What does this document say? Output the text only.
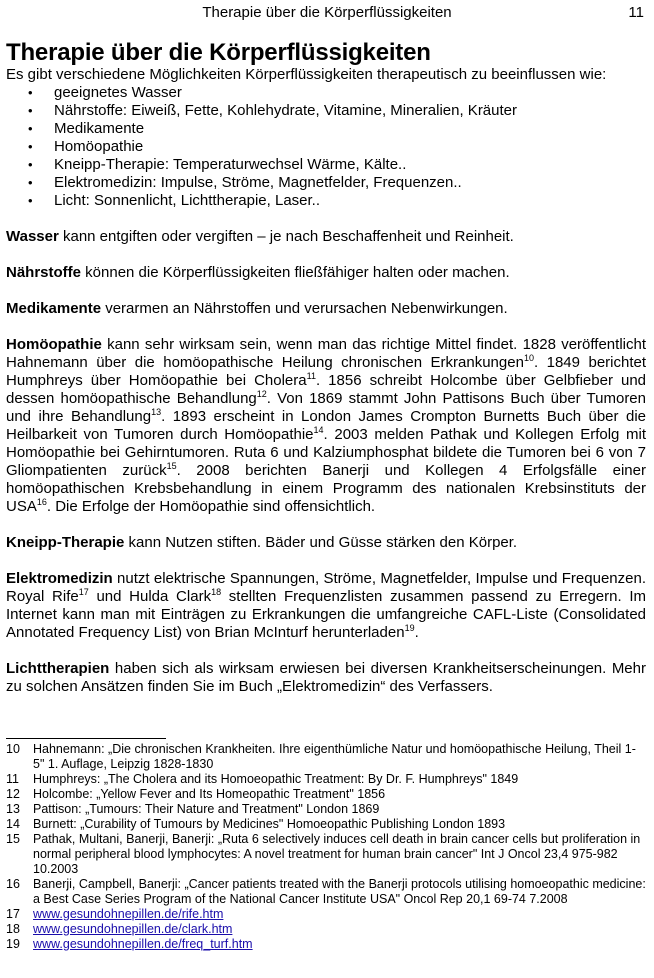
Therapie über die Körperflüssigkeiten	11
Therapie über die Körperflüssigkeiten

Es gibt verschiedene Möglichkeiten Körperflüssigkeiten therapeutisch zu beeinflussen wie:

• geeignetes Wasser
• Nährstoffe: Eiweiß, Fette, Kohlehydrate, Vitamine, Mineralien, Kräuter
• Medikamente
• Homöopathie
• Kneipp-Therapie: Temperaturwechsel Wärme, Kälte..
• Elektromedizin: Impulse, Ströme, Magnetfelder, Frequenzen..
• Licht: Sonnenlicht, Lichttherapie, Laser..

Wasser kann entgiften oder vergiften – je nach Beschaffenheit und Reinheit.

Nährstoffe können die Körperflüssigkeiten fließfähiger halten oder machen.

Medikamente verarmen an Nährstoffen und verursachen Nebenwirkungen.

Homöopathie kann sehr wirksam sein, wenn man das richtige Mittel findet. 1828 veröffentlicht Hahnemann über die homöopathische Heilung chronischen Erkrankungen$^{10}$. 1849 berichtet Humphreys über Homöopathie bei Cholera$^{11}$. 1856 schreibt Holcombe über Gelbfieber und dessen homöopathische Behandlung$^{12}$. Von 1869 stammt John Pattisons Buch über Tumoren und ihre Behandlung$^{13}$. 1893 erscheint in London James Crompton Burnetts Buch über die Heilbarkeit von Tumoren durch Homöopathie$^{14}$. 2003 melden Pathak und Kollegen Erfolg mit Homöopathie bei Gehirntumoren. Ruta 6 und Kalziumphosphat bildete die Tumoren bei 6 von 7 Gliompatienten zurück$^{15}$. 2008 berichten Banerji und Kollegen 4 Erfolgsfälle einer homöopathischen Krebsbehandlung in einem Programm des nationalen Krebsinstituts der USA$^{16}$. Die Erfolge der Homöopathie sind offensichtlich.

Kneipp-Therapie kann Nutzen stiften. Bäder und Güsse stärken den Körper.

Elektromedizin nutzt elektrische Spannungen, Ströme, Magnetfelder, Impulse und Frequenzen. Royal Rife$^{17}$ und Hulda Clark$^{18}$ stellten Frequenzlisten zusammen passend zu Erregern. Im Internet kann man mit Einträgen zu Erkrankungen die umfangreiche CAFL-Liste (Consolidated Annotated Frequency List) von Brian McInturf herunterladen$^{19}$.

Lichttherapien haben sich als wirksam erwiesen bei diversen Krankheitserscheinungen. Mehr zu solchen Ansätzen finden Sie im Buch „Elektromedizin“ des Verfassers.

10 Hahnemann: „Die chronischen Krankheiten. Ihre eigenthümliche Natur und homöopathische Heilung, Theil 1-5" 1. Auflage, Leipzig 1828-1830
11 Humphreys: „The Cholera and its Homoeopathic Treatment: By Dr. F. Humphreys" 1849
12 Holcombe: „Yellow Fever and Its Homeopathic Treatment" 1856
13 Pattison: „Tumours: Their Nature and Treatment" London 1869
14 Burnett: „Curability of Tumours by Medicines" Homoeopathic Publishing London 1893
15 Pathak, Multani, Banerji, Banerji: „Ruta 6 selectively induces cell death in brain cancer cells but proliferation in normal peripheral blood lymphocytes: A novel treatment for human brain cancer" Int J Oncol 23,4 975-982 10.2003
16 Banerji, Campbell, Banerji: „Cancer patients treated with the Banerji protocols utilising homoeopathic medicine: a Best Case Series Program of the National Cancer Institute USA" Oncol Rep 20,1 69-74 7.2008
17 www.gesundohnepillen.de/rife.htm
18 www.gesundohnepillen.de/clark.htm
19 www.gesundohnepillen.de/freq_turf.htm
